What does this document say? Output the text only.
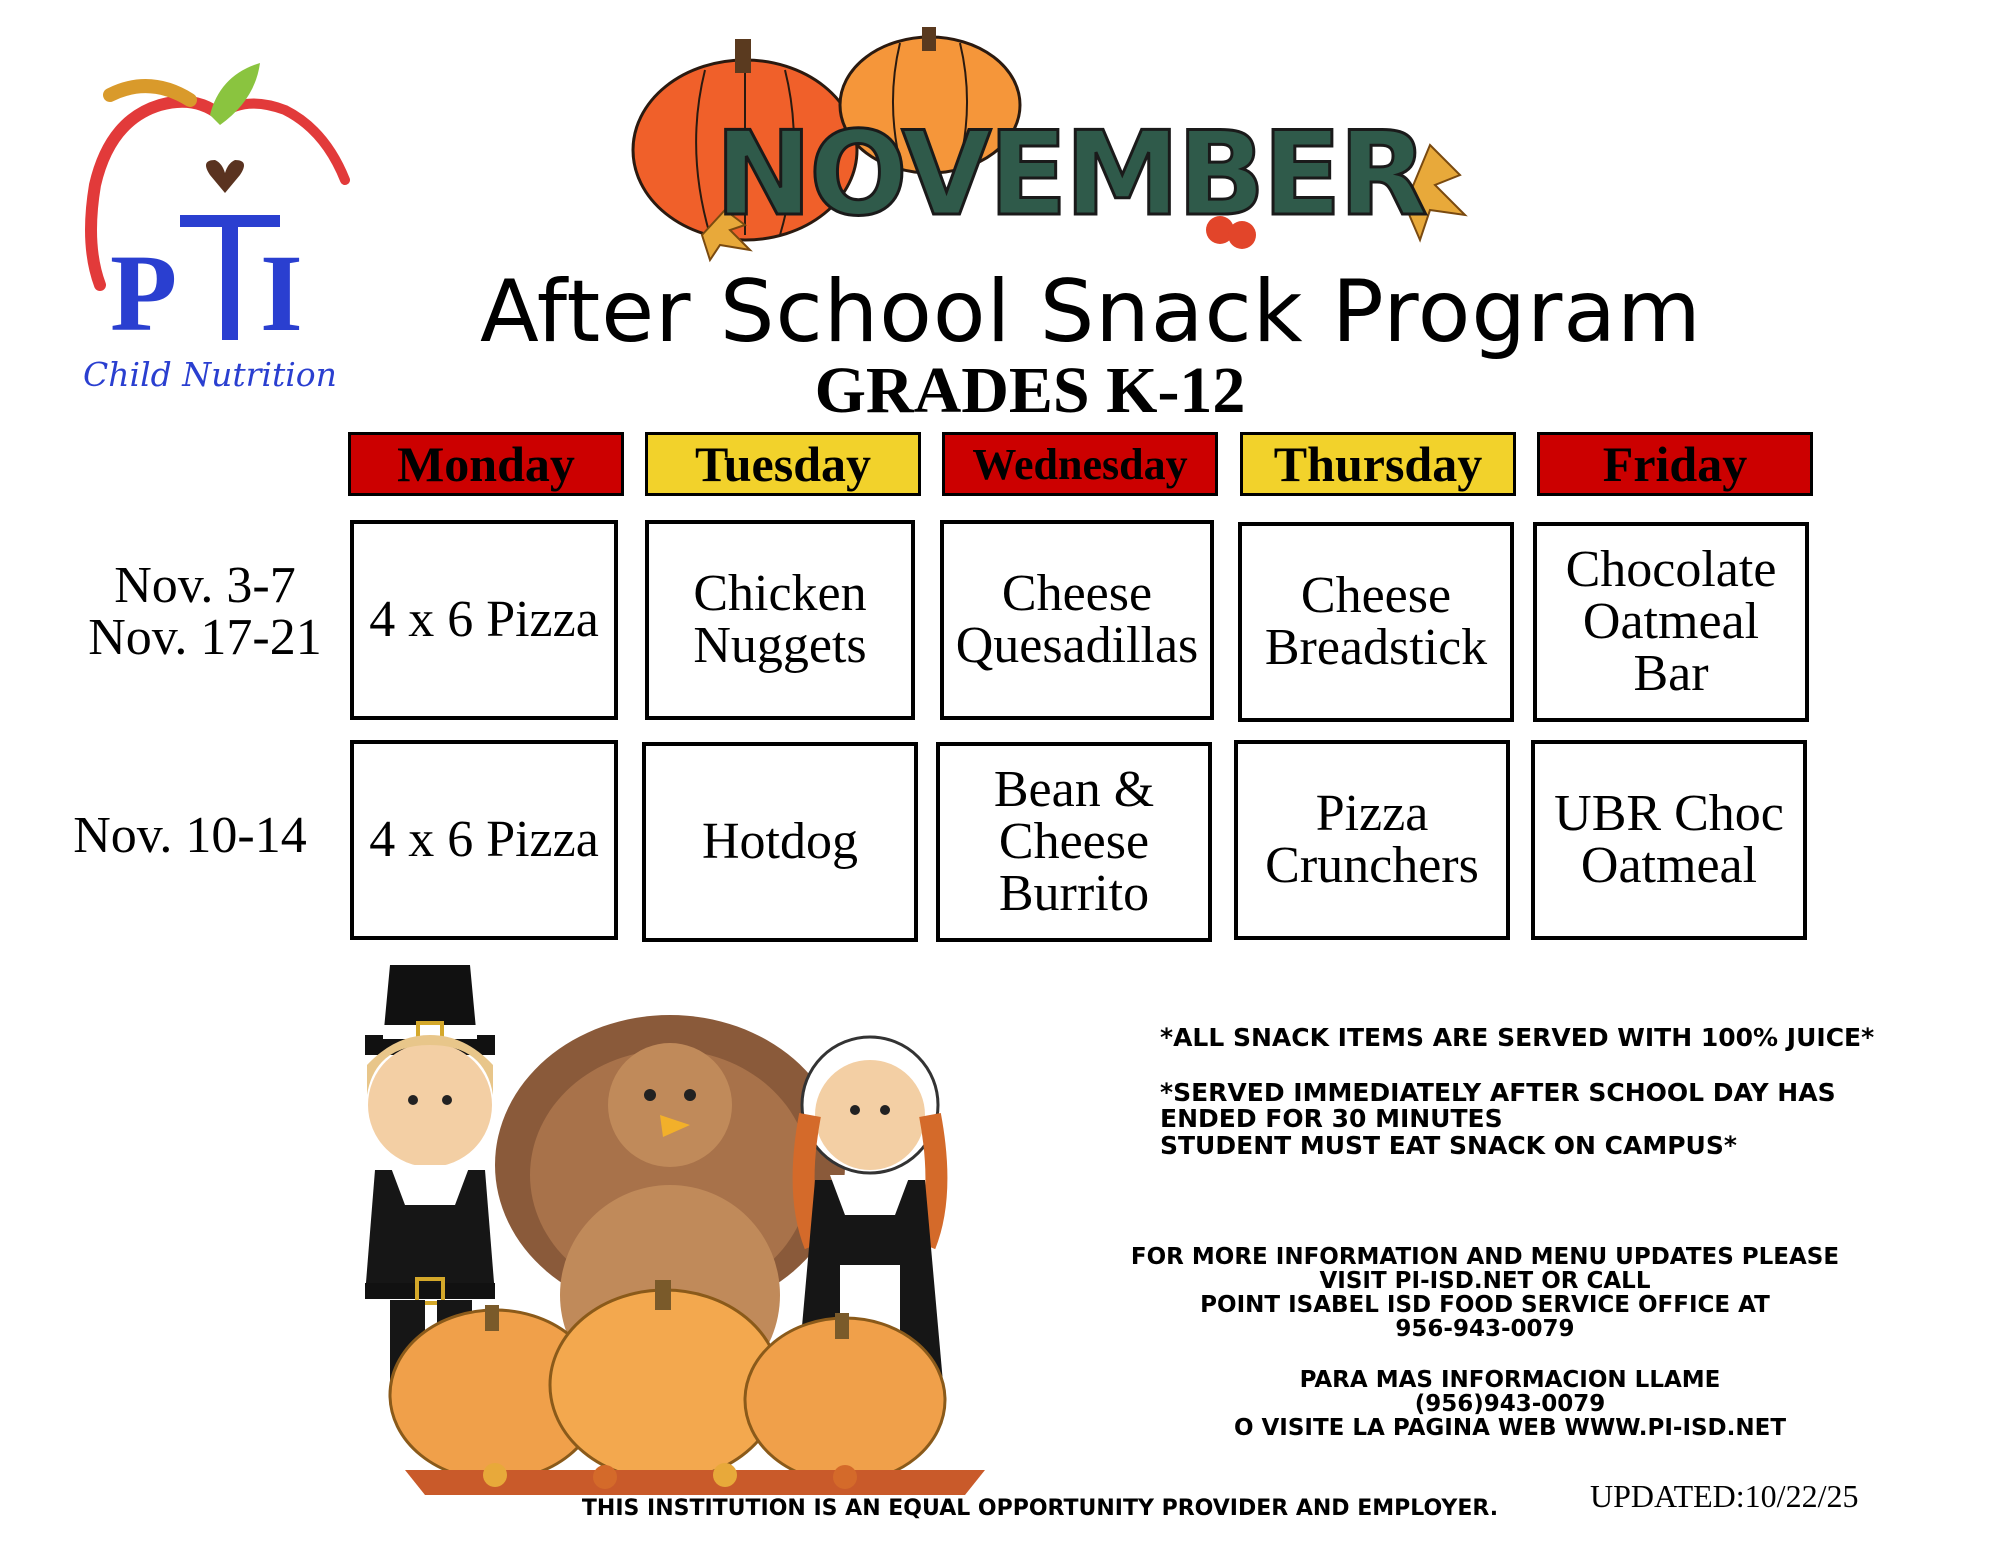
P I
Child Nutrition
NOVEMBER
After School Snack Program
GRADES K-12
Monday Tuesday Wednesday Thursday Friday
Nov. 3-7
Nov. 17-21
Nov. 10-14
4 x 6 Pizza Chicken
Nuggets
Cheese
Quesadillas
Cheese
Breadstick
Chocolate
Oatmeal
Bar
4 x 6 Pizza Hotdog
Bean &
Cheese
Burrito
Pizza
Crunchers
UBR Choc
Oatmeal
*ALL SNACK ITEMS ARE SERVED WITH 100% JUICE*
*SERVED IMMEDIATELY AFTER SCHOOL DAY HAS
ENDED FOR 30 MINUTES
STUDENT MUST EAT SNACK ON CAMPUS*
FOR MORE INFORMATION AND MENU UPDATES PLEASE
VISIT PI-ISD.NET OR CALL
POINT ISABEL ISD FOOD SERVICE OFFICE AT
956-943-0079
PARA MAS INFORMACION LLAME
(956)943-0079
O VISITE LA PAGINA WEB WWW.PI-ISD.NET
THIS INSTITUTION IS AN EQUAL OPPORTUNITY PROVIDER AND EMPLOYER.	UPDATED:10/22/25
